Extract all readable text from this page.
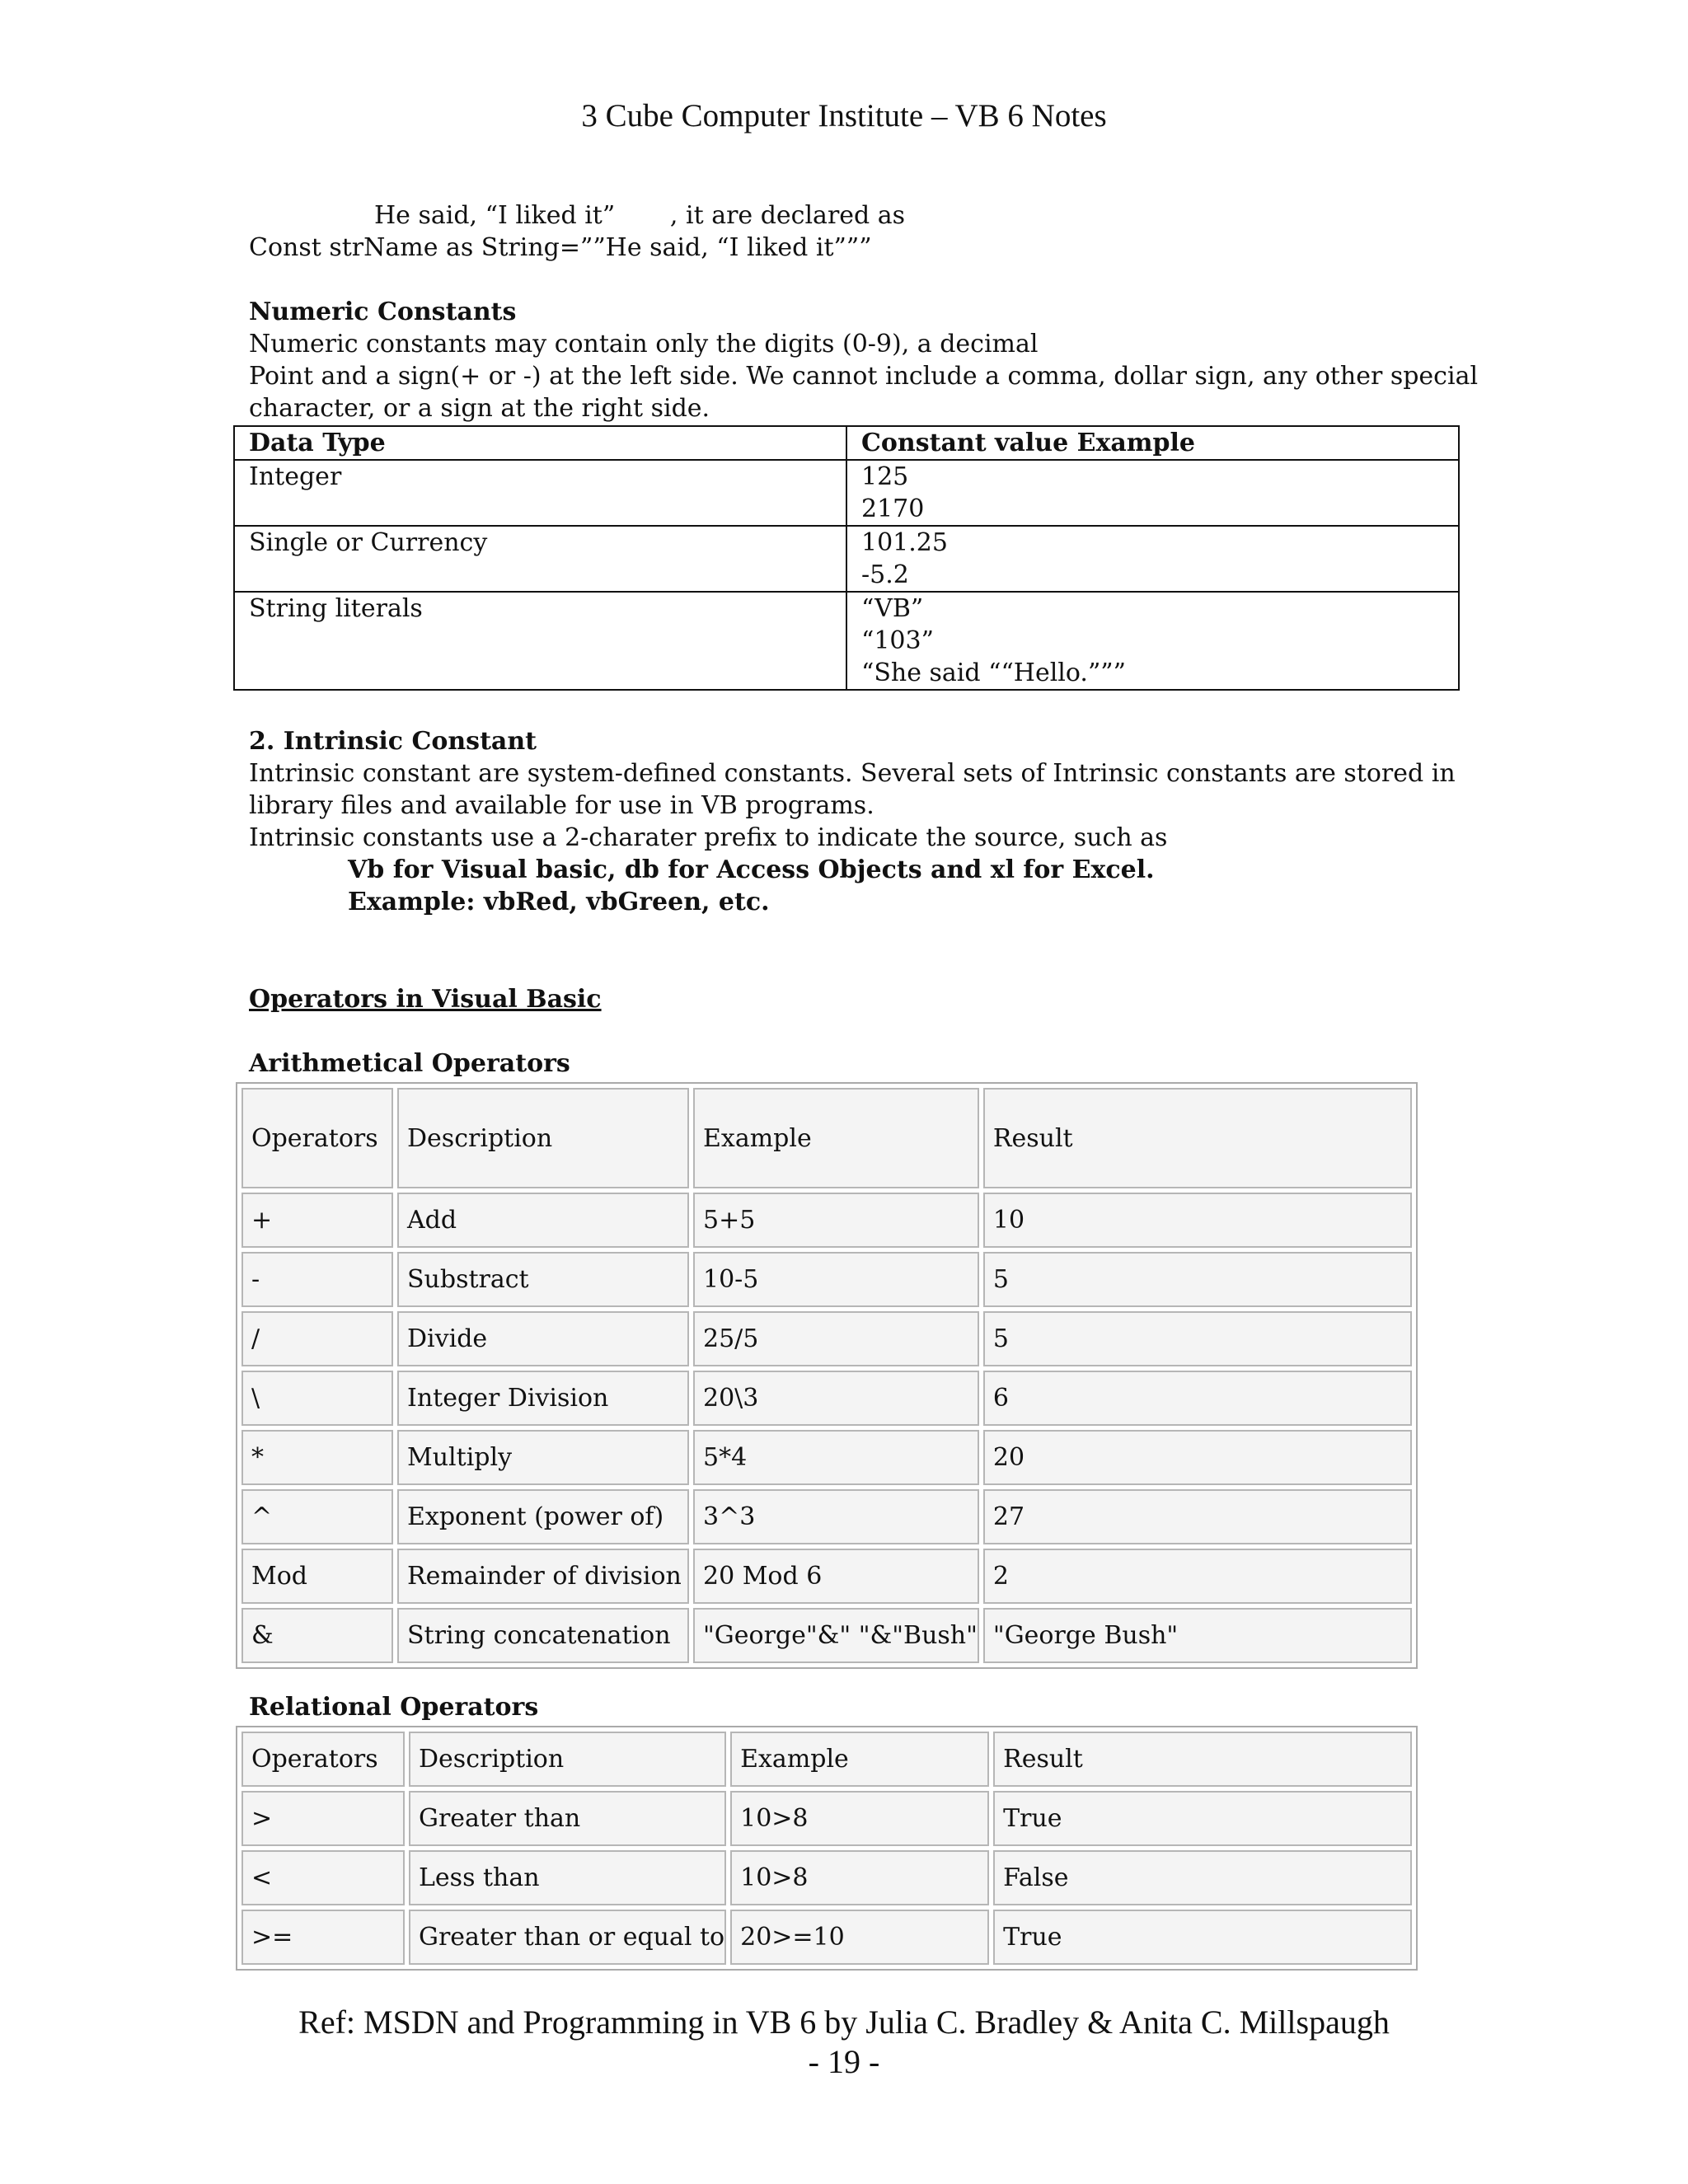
3 Cube Computer Institute – VB 6 Notes
He said, “I liked it”       , it are declared as
Const strName as String=””He said, “I liked it”””
Numeric Constants
Numeric constants may contain only the digits (0-9), a decimal
Point and a sign(+ or -) at the left side. We cannot include a comma, dollar sign, any other special
character, or a sign at the right side.
Data Type	Constant value Example
Integer	125
2170

Single or Currency	101.25
-5.2

String literals	“VB”
“103”
“She said ““Hello.”””
2. Intrinsic Constant
Intrinsic constant are system-defined constants. Several sets of Intrinsic constants are stored in
library files and available for use in VB programs.
Intrinsic constants use a 2-charater prefix to indicate the source, such as
Vb for Visual basic, db for Access Objects and xl for Excel.
Example: vbRed, vbGreen, etc.
Operators in Visual Basic
Arithmetical Operators
Operators	Description	Example	Result
+	Add	5+5	10
-	Substract	10-5	5
/	Divide	25/5	5
\	Integer Division	20\3	6
*	Multiply	5*4	20
^	Exponent (power of)	3^3	27
Mod	Remainder of division	20 Mod 6	2
&	String concatenation	"George"&" "&"Bush"	"George Bush"
Relational Operators
Operators	Description	Example	Result
>	Greater than	10>8	True
<	Less than	10>8	False
>=	Greater than or equal to	20>=10	True
Ref: MSDN and Programming in VB 6 by Julia C. Bradley & Anita C. Millspaugh
- 19 -
